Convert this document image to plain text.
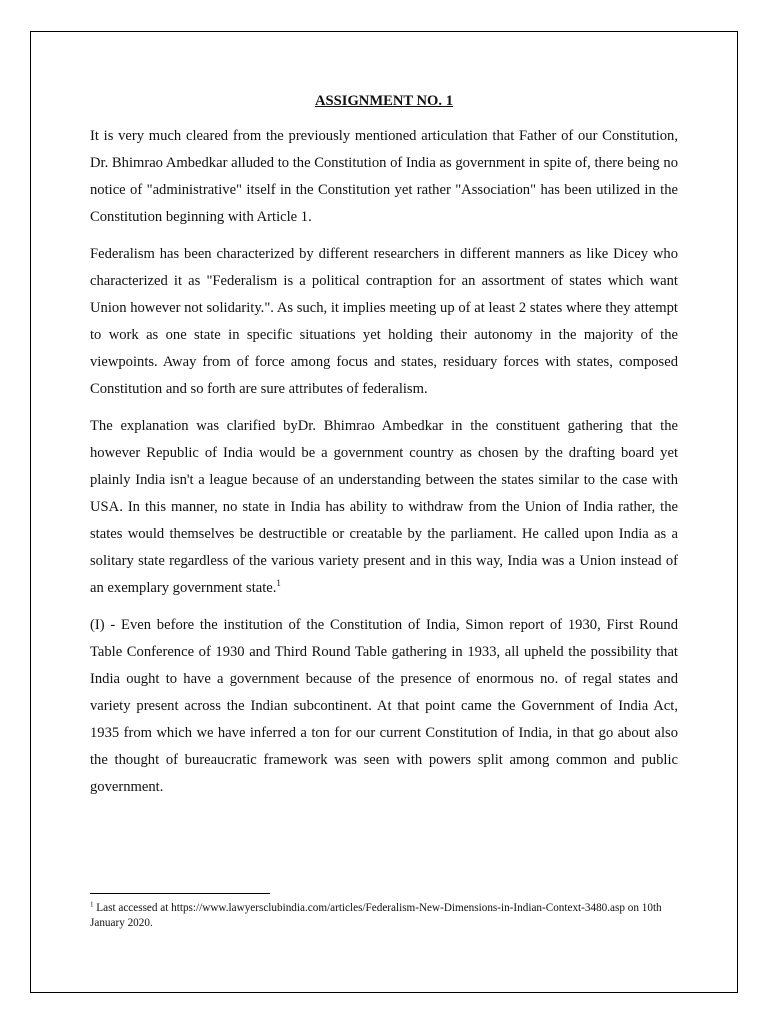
ASSIGNMENT NO. 1

It is very much cleared from the previously mentioned articulation that Father of our Constitution, Dr. Bhimrao Ambedkar alluded to the Constitution of India as government in spite of, there being no notice of "administrative" itself in the Constitution yet rather "Association" has been utilized in the Constitution beginning with Article 1.

Federalism has been characterized by different researchers in different manners as like Dicey who characterized it as "Federalism is a political contraption for an assortment of states which want Union however not solidarity.". As such, it implies meeting up of at least 2 states where they attempt to work as one state in specific situations yet holding their autonomy in the majority of the viewpoints. Away from of force among focus and states, residuary forces with states, composed Constitution and so forth are sure attributes of federalism.

The explanation was clarified byDr. Bhimrao Ambedkar in the constituent gathering that the however Republic of India would be a government country as chosen by the drafting board yet plainly India isn't a league because of an understanding between the states similar to the case with USA. In this manner, no state in India has ability to withdraw from the Union of India rather, the states would themselves be destructible or creatable by the parliament. He called upon India as a solitary state regardless of the various variety present and in this way, India was a Union instead of an exemplary government state.$^1$

(I) - Even before the institution of the Constitution of India, Simon report of 1930, First Round Table Conference of 1930 and Third Round Table gathering in 1933, all upheld the possibility that India ought to have a government because of the presence of enormous no. of regal states and variety present across the Indian subcontinent. At that point came the Government of India Act, 1935 from which we have inferred a ton for our current Constitution of India, in that go about also the thought of bureaucratic framework was seen with powers split among common and public government.

$^1$ Last accessed at https://www.lawyersclubindia.com/articles/Federalism-New-Dimensions-in-Indian-Context-3480.asp on 10th January 2020.
